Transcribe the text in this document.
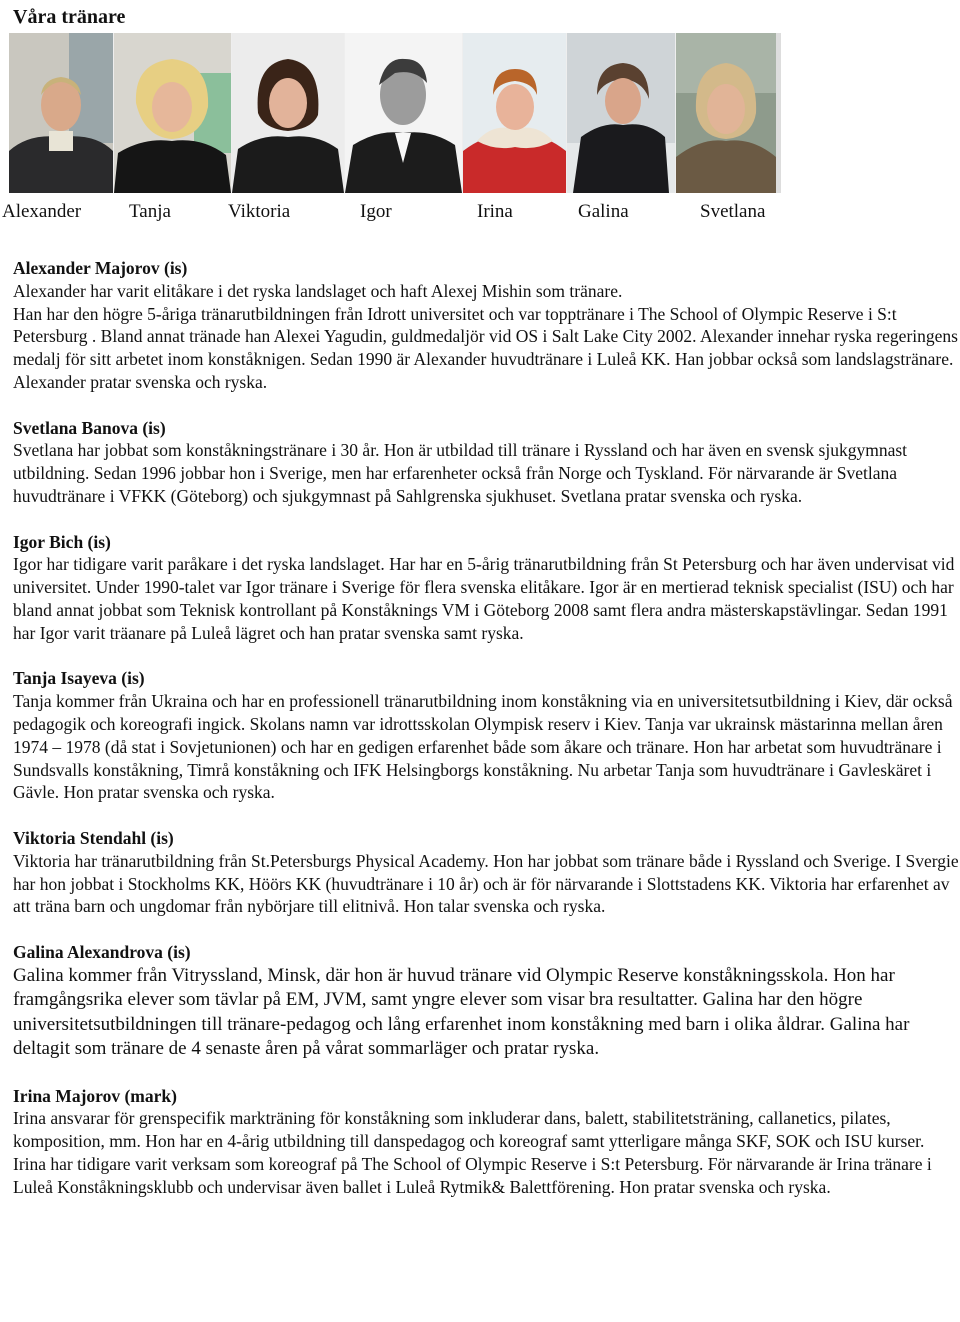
Våra tränare
Alexander	Tanja	Viktoria	Igor	Irina	Galina	Svetlana
Alexander Majorov (is)

Alexander har varit elitåkare i det ryska landslaget och haft Alexej Mishin som tränare.

Han har den högre 5-åriga tränarutbildningen från Idrott universitet och var topptränare i The School of Olympic Reserve i S:t Petersburg . Bland annat tränade han Alexei Yagudin, guldmedaljör vid OS i Salt Lake City 2002. Alexander innehar ryska regeringens medalj för sitt arbetet inom konståknigen. Sedan 1990 är Alexander huvudtränare i Luleå KK. Han jobbar också som landslagstränare. Alexander pratar svenska och ryska.

Svetlana Banova (is)

Svetlana har jobbat som konståkningstränare i 30 år. Hon är utbildad till tränare i Ryssland och har även en svensk sjukgymnast utbildning. Sedan 1996 jobbar hon i Sverige, men har erfarenheter också från Norge och Tyskland. För närvarande är Svetlana huvudtränare i VFKK (Göteborg) och sjukgymnast på Sahlgrenska sjukhuset. Svetlana pratar svenska och ryska.

Igor Bich (is)

Igor har tidigare varit paråkare i det ryska landslaget. Har har en 5-årig tränarutbildning från St Petersburg och har även undervisat vid universitet. Under 1990-talet var Igor tränare i Sverige för flera svenska elitåkare. Igor är en mertierad teknisk specialist (ISU) och har bland annat jobbat som Teknisk kontrollant på Konståknings VM i Göteborg 2008 samt flera andra mästerskapstävlingar. Sedan 1991 har Igor varit träanare på Luleå lägret och han pratar svenska samt ryska.

Tanja Isayeva (is)

Tanja kommer från Ukraina och har en professionell tränarutbildning inom konståkning via en universitetsutbildning i Kiev, där också pedagogik och koreografi ingick. Skolans namn var idrottsskolan Olympisk reserv i Kiev. Tanja var ukrainsk mästarinna mellan åren 1974 – 1978 (då stat i Sovjetunionen) och har en gedigen erfarenhet både som åkare och tränare. Hon har arbetat som huvudtränare i Sundsvalls konståkning, Timrå konståkning och IFK Helsingborgs konståkning. Nu arbetar Tanja som huvudtränare i Gavleskäret i Gävle. Hon pratar svenska och ryska.

Viktoria Stendahl (is)

Viktoria har tränarutbildning från St.Petersburgs Physical Academy. Hon har jobbat som tränare både i Ryssland och Sverige. I Svergie har hon jobbat i Stockholms KK, Höörs KK (huvudtränare i 10 år) och är för närvarande i Slottstadens KK. Viktoria har erfarenhet av att träna barn och ungdomar från nybörjare till elitnivå. Hon talar svenska och ryska.

Galina Alexandrova (is)

Galina kommer från Vitryssland, Minsk, där hon är huvud tränare vid Olympic Reserve konståkningsskola. Hon har framgångsrika elever som tävlar på EM, JVM, samt yngre elever som visar bra resultatter. Galina har den högre universitetsutbildningen till tränare-pedagog och lång erfarenhet inom konståkning med barn i olika åldrar. Galina har deltagit som tränare de 4 senaste åren på vårat sommarläger och pratar ryska.

Irina Majorov (mark)

Irina ansvarar för grenspecifik markträning för konståkning som inkluderar dans, balett, stabilitetsträning, callanetics, pilates, komposition, mm. Hon har en 4-årig utbildning till danspedagog och koreograf samt ytterligare många SKF, SOK och ISU kurser.

Irina har tidigare varit verksam som koreograf på The School of Olympic Reserve i S:t Petersburg. För närvarande är Irina tränare i Luleå Konståkningsklubb och undervisar även ballet i Luleå Rytmik& Balettförening. Hon pratar svenska och ryska.
